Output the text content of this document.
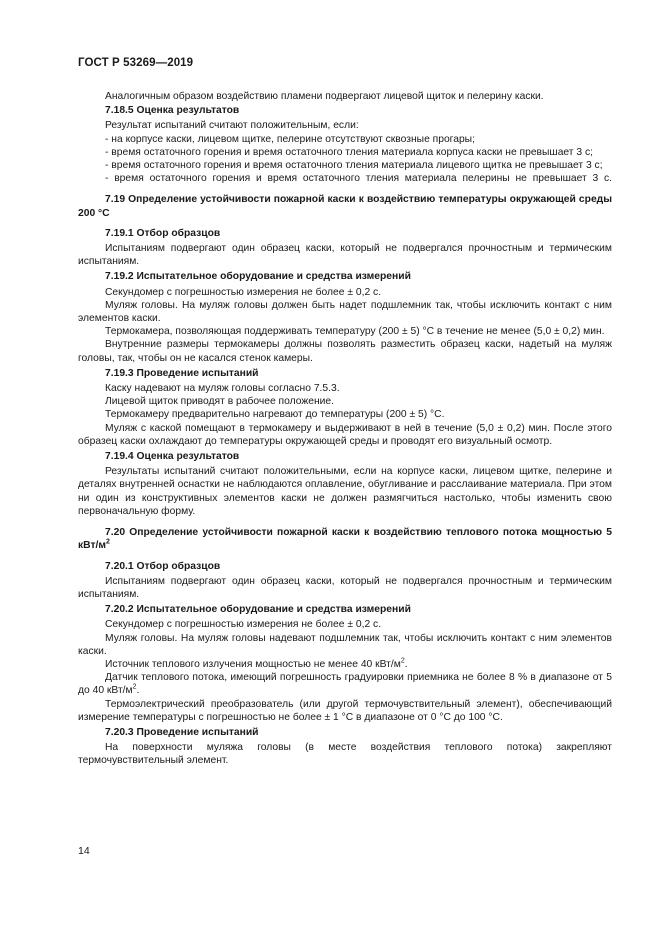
ГОСТ Р 53269—2019

Аналогичным образом воздействию пламени подвергают лицевой щиток и пелерину каски.

7.18.5 Оценка результатов

Результат испытаний считают положительным, если:

- на корпусе каски, лицевом щитке, пелерине отсутствуют сквозные прогары;

- время остаточного горения и время остаточного тления материала корпуса каски не превышает 3 с;

- время остаточного горения и время остаточного тления материала лицевого щитка не превышает 3 с;

- время остаточного горения и время остаточного тления материала пелерины не превышает 3 с.

7.19 Определение устойчивости пожарной каски к воздействию температуры окружающей среды 200 °С

7.19.1 Отбор образцов

Испытаниям подвергают один образец каски, который не подвергался прочностным и термическим испытаниям.

7.19.2 Испытательное оборудование и средства измерений

Секундомер с погрешностью измерения не более ± 0,2 с.

Муляж головы. На муляж головы должен быть надет подшлемник так, чтобы исключить контакт с ним элементов каски.

Термокамера, позволяющая поддерживать температуру (200 ± 5) °С в течение не менее (5,0 ± 0,2) мин.

Внутренние размеры термокамеры должны позволять разместить образец каски, надетый на муляж головы, так, чтобы он не касался стенок камеры.

7.19.3 Проведение испытаний

Каску надевают на муляж головы согласно 7.5.3.

Лицевой щиток приводят в рабочее положение.

Термокамеру предварительно нагревают до температуры (200 ± 5) °С.

Муляж с каской помещают в термокамеру и выдерживают в ней в течение (5,0 ± 0,2) мин. После этого образец каски охлаждают до температуры окружающей среды и проводят его визуальный осмотр.

7.19.4 Оценка результатов

Результаты испытаний считают положительными, если на корпусе каски, лицевом щитке, пелерине и деталях внутренней оснастки не наблюдаются оплавление, обугливание и расслаивание материала. При этом ни один из конструктивных элементов каски не должен размягчиться настолько, чтобы изменить свою первоначальную форму.

7.20 Определение устойчивости пожарной каски к воздействию теплового потока мощностью 5 кВт/$м^2$

7.20.1 Отбор образцов

Испытаниям подвергают один образец каски, который не подвергался прочностным и термическим испытаниям.

7.20.2 Испытательное оборудование и средства измерений

Секундомер с погрешностью измерения не более ± 0,2 с.

Муляж головы. На муляж головы надевают подшлемник так, чтобы исключить контакт с ним элементов каски.

Источник теплового излучения мощностью не менее 40 кВт/$м^2$.

Датчик теплового потока, имеющий погрешность градуировки приемника не более 8 % в диапазоне от 5 до 40 кВт/$м^2$.

Термоэлектрический преобразователь (или другой термочувствительный элемент), обеспечивающий измерение температуры с погрешностью не более ± 1 °С в диапазоне от 0 °С до 100 °С.

7.20.3 Проведение испытаний

На поверхности муляжа головы (в месте воздействия теплового потока) закрепляют термочувствительный элемент.

14
